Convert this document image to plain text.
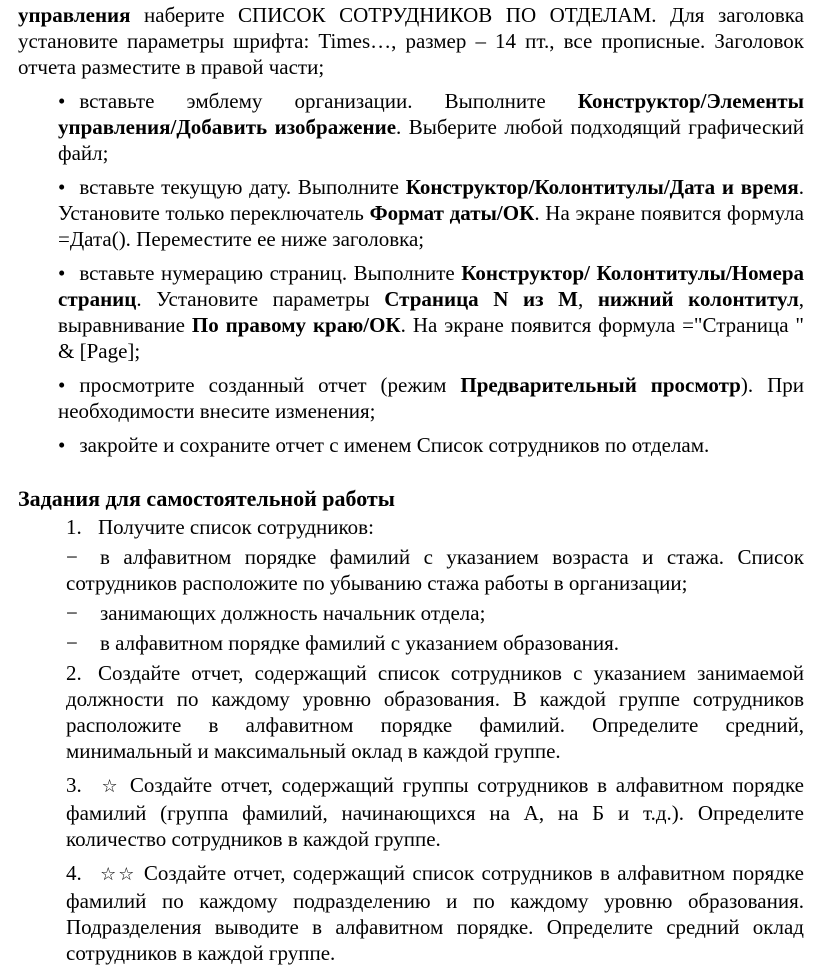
управления наберите СПИСОК СОТРУДНИКОВ ПО ОТДЕЛАМ. Для заголовка установите параметры шрифта: Times…, размер – 14 пт., все прописные. Заголовок отчета разместите в правой части;

• вставьте эмблему организации. Выполните Конструктор/Элементы управления/Добавить изображение. Выберите любой подходящий графический файл;

• вставьте текущую дату. Выполните Конструктор/Колонтитулы/Дата и время. Установите только переключатель Формат даты/ОК. На экране появится формула =Дата(). Переместите ее ниже заголовка;

• вставьте нумерацию страниц. Выполните Конструктор/ Колонтитулы/Номера страниц. Установите параметры Страница N из M, нижний колонтитул, выравнивание По правому краю/ОК. На экране появится формула ="Страница " & [Page];

• просмотрите созданный отчет (режим Предварительный просмотр). При необходимости внесите изменения;

• закройте и сохраните отчет с именем Список сотрудников по отделам.

Задания для самостоятельной работы

1. Получите список сотрудников:

− в алфавитном порядке фамилий с указанием возраста и стажа. Список сотрудников расположите по убыванию стажа работы в организации;

− занимающих должность начальник отдела;

− в алфавитном порядке фамилий с указанием образования.

2. Создайте отчет, содержащий список сотрудников с указанием занимаемой должности по каждому уровню образования. В каждой группе сотрудников расположите в алфавитном порядке фамилий. Определите средний, минимальный и максимальный оклад в каждой группе.

3. ☆ Создайте отчет, содержащий группы сотрудников в алфавитном порядке фамилий (группа фамилий, начинающихся на А, на Б и т.д.). Определите количество сотрудников в каждой группе.

4. ☆☆ Создайте отчет, содержащий список сотрудников в алфавитном порядке фамилий по каждому подразделению и по каждому уровню образования. Подразделения выводите в алфавитном порядке. Определите средний оклад сотрудников в каждой группе.
